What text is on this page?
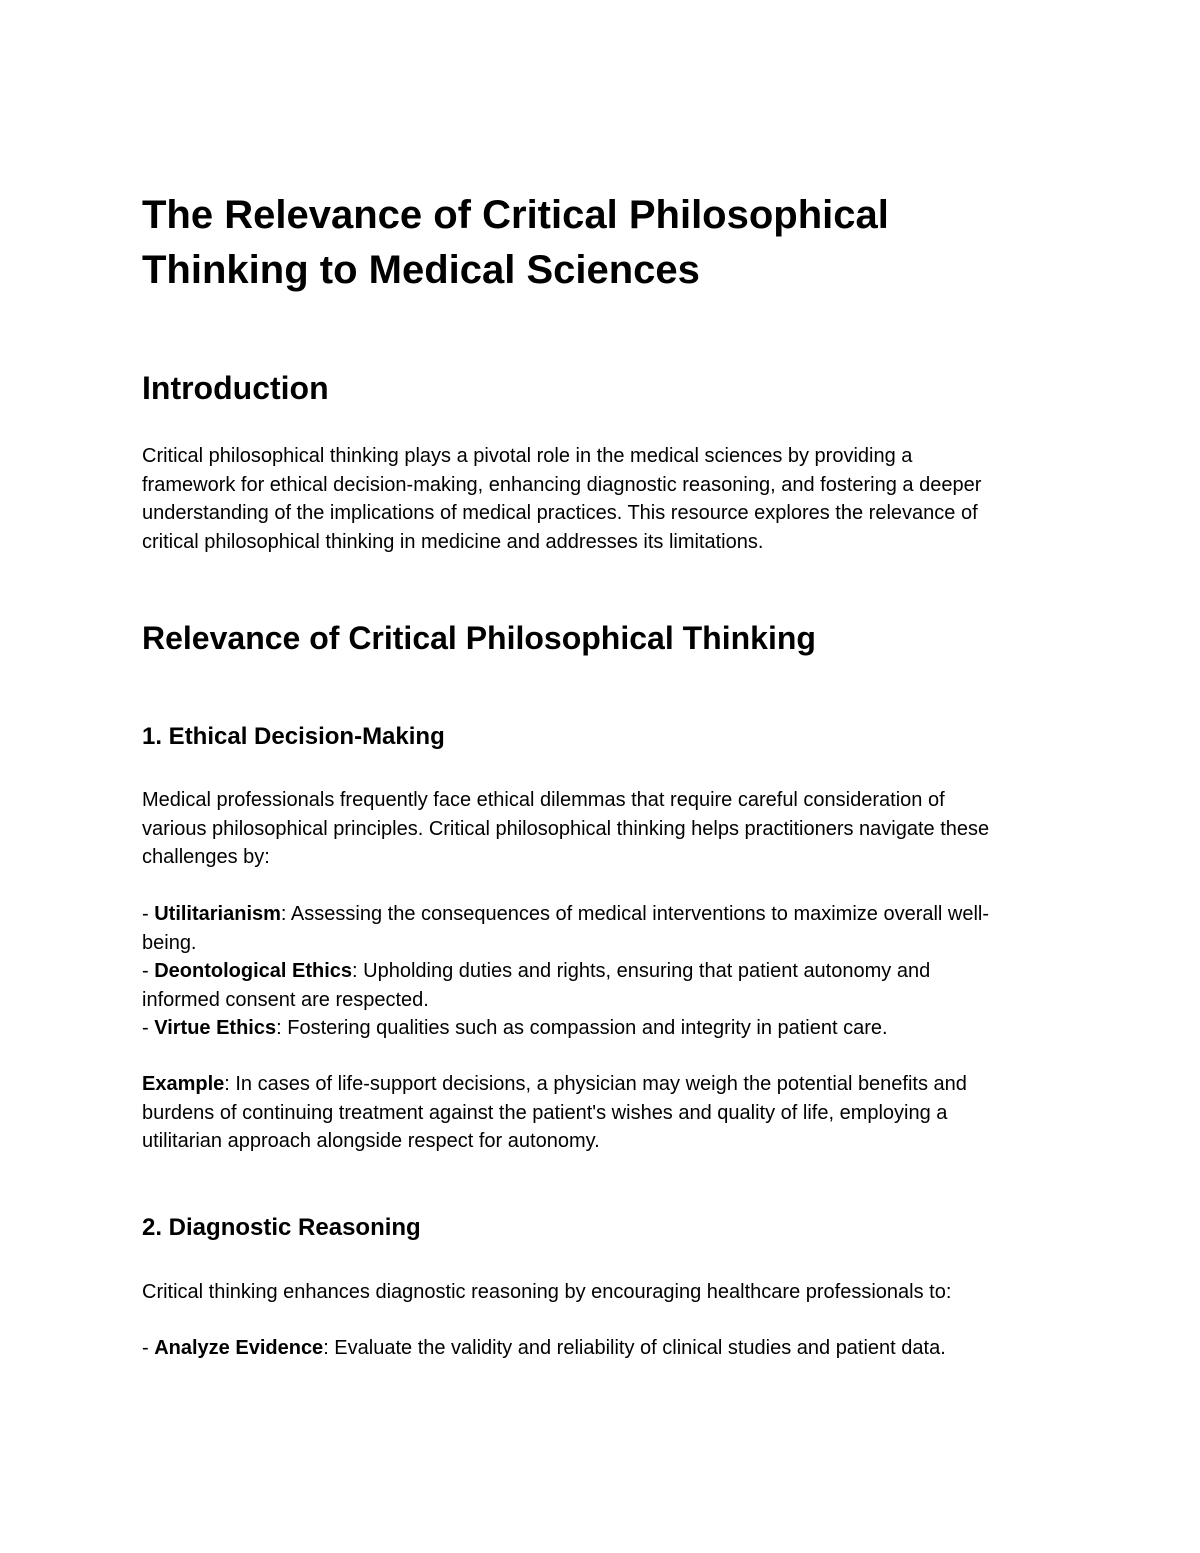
The Relevance of Critical Philosophical
Thinking to Medical Sciences
Introduction

Critical philosophical thinking plays a pivotal role in the medical sciences by providing a
framework for ethical decision-making, enhancing diagnostic reasoning, and fostering a deeper
understanding of the implications of medical practices. This resource explores the relevance of
critical philosophical thinking in medicine and addresses its limitations.

Relevance of Critical Philosophical Thinking
1. Ethical Decision-Making

Medical professionals frequently face ethical dilemmas that require careful consideration of
various philosophical principles. Critical philosophical thinking helps practitioners navigate these
challenges by:

- Utilitarianism: Assessing the consequences of medical interventions to maximize overall well-
being.
- Deontological Ethics: Upholding duties and rights, ensuring that patient autonomy and
informed consent are respected.
- Virtue Ethics: Fostering qualities such as compassion and integrity in patient care.

Example: In cases of life-support decisions, a physician may weigh the potential benefits and
burdens of continuing treatment against the patient's wishes and quality of life, employing a
utilitarian approach alongside respect for autonomy.

2. Diagnostic Reasoning

Critical thinking enhances diagnostic reasoning by encouraging healthcare professionals to:

- Analyze Evidence: Evaluate the validity and reliability of clinical studies and patient data.
